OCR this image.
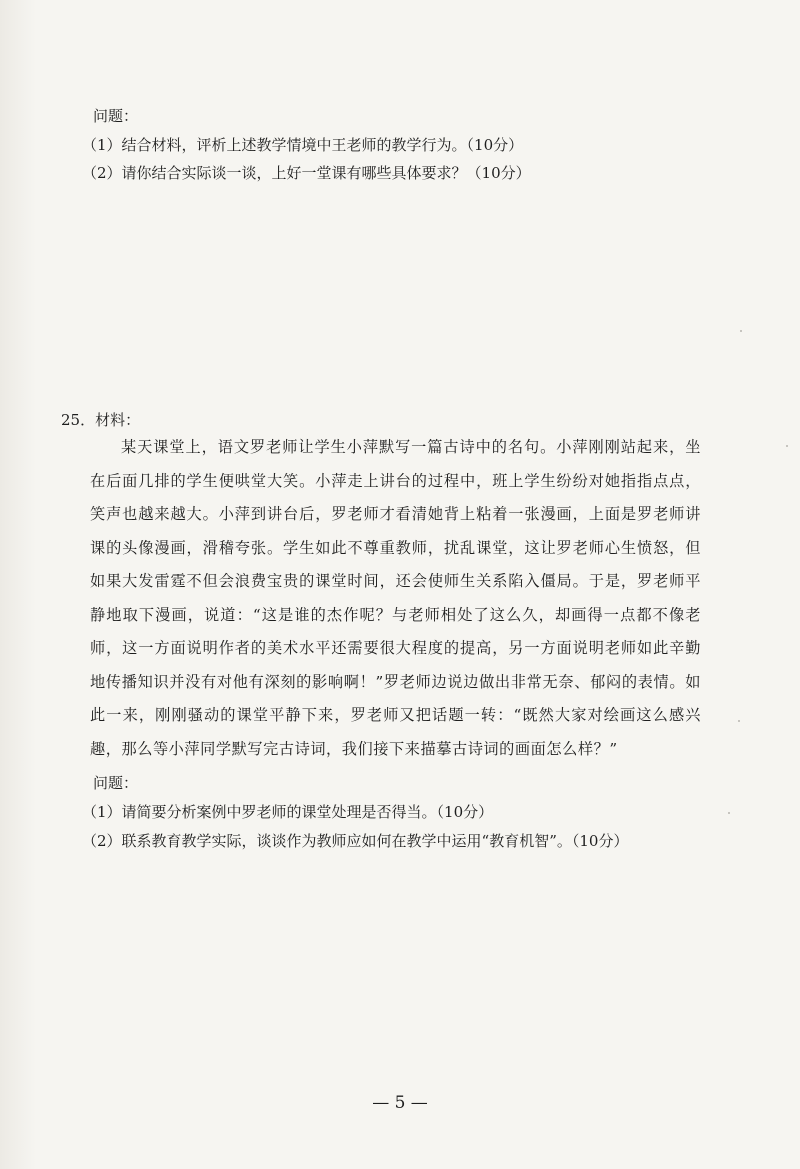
问题：
（1）结合材料，评析上述教学情境中王老师的教学行为。（10分）
（2）请你结合实际谈一谈，上好一堂课有哪些具体要求？（10分）
25．材料：
某天课堂上，语文罗老师让学生小萍默写一篇古诗中的名句。小萍刚刚站起来，坐在后面几排的学生便哄堂大笑。小萍走上讲台的过程中，班上学生纷纷对她指指点点，笑声也越来越大。小萍到讲台后，罗老师才看清她背上粘着一张漫画，上面是罗老师讲课的头像漫画，滑稽夸张。学生如此不尊重教师，扰乱课堂，这让罗老师心生愤怒，但如果大发雷霆不但会浪费宝贵的课堂时间，还会使师生关系陷入僵局。于是，罗老师平静地取下漫画，说道：“这是谁的杰作呢？与老师相处了这么久，却画得一点都不像老师，这一方面说明作者的美术水平还需要很大程度的提高，另一方面说明老师如此辛勤地传播知识并没有对他有深刻的影响啊！”罗老师边说边做出非常无奈、郁闷的表情。如此一来，刚刚骚动的课堂平静下来，罗老师又把话题一转：“既然大家对绘画这么感兴趣，那么等小萍同学默写完古诗词，我们接下来描摹古诗词的画面怎么样？”
问题：
（1）请简要分析案例中罗老师的课堂处理是否得当。（10分）
（2）联系教育教学实际，谈谈作为教师应如何在教学中运用“教育机智”。（10分）
— 5 —
